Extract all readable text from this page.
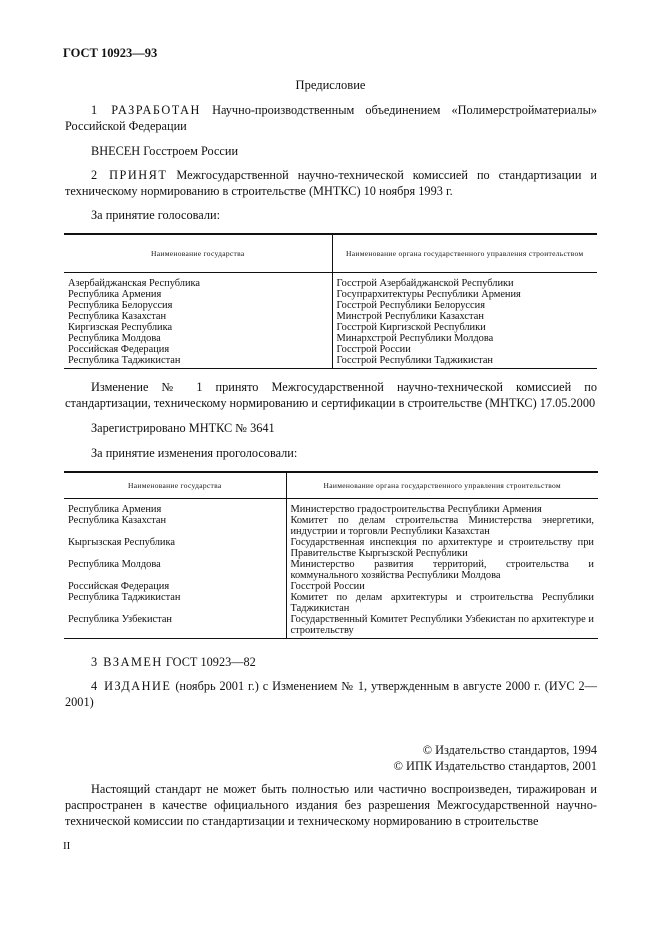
ГОСТ 10923—93
Предисловие
1 РАЗРАБОТАН Научно-производственным объединением «Полимерстройматериалы» Российской Федерации
ВНЕСЕН Госстроем России
2 ПРИНЯТ Межгосударственной научно-технической комиссией по стандартизации и техническому нормированию в строительстве (МНТКС) 10 ноября 1993 г.
За принятие голосовали:
Наименование государства	Наименование органа государственного управления строительством
Азербайджанская Республика	Госстрой Азербайджанской Республики
Республика Армения	Госупрархитектуры Республики Армения
Республика Белоруссия	Госстрой Республики Белоруссия
Республика Казахстан	Минстрой Республики Казахстан
Киргизская Республика	Госстрой Киргизской Республики
Республика Молдова	Минархстрой Республики Молдова
Российская Федерация	Госстрой России
Республика Таджикистан	Госстрой Республики Таджикистан
Изменение № 1 принято Межгосударственной научно-технической комиссией по стандартизации, техническому нормированию и сертификации в строительстве (МНТКС) 17.05.2000
Зарегистрировано МНТКС № 3641
За принятие изменения проголосовали:
Наименование государства	Наименование органа государственного управления строительством
Республика Армения	Министерство градостроительства Республики Армения
Республика Казахстан	Комитет по делам строительства Министерства энергетики, индустрии и торговли Республики Казахстан
Кыргызская Республика	Государственная инспекция по архитектуре и строительству при Правительстве Кыргызской Республики
Республика Молдова	Министерство развития территорий, строительства и коммунального хозяйства Республики Молдова
Российская Федерация	Госстрой России
Республика Таджикистан	Комитет по делам архитектуры и строительства Республики Таджикистан
Республика Узбекистан	Государственный Комитет Республики Узбекистан по архитектуре и строительству
3 ВЗАМЕН ГОСТ 10923—82
4 ИЗДАНИЕ (ноябрь 2001 г.) с Изменением № 1, утвержденным в августе 2000 г. (ИУС 2—2001)
© Издательство стандартов, 1994
© ИПК Издательство стандартов, 2001
Настоящий стандарт не может быть полностью или частично воспроизведен, тиражирован и распространен в качестве официального издания без разрешения Межгосударственной научно-технической комиссии по стандартизации и техническому нормированию в строительстве
II
